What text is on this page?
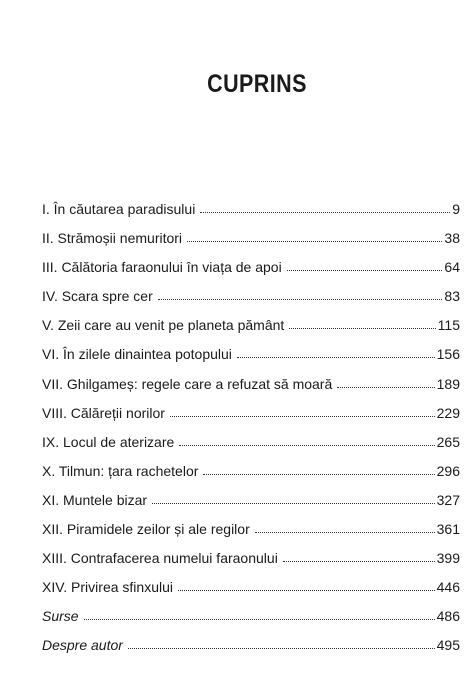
CUPRINS
I. În căutarea paradisului	9
II. Strămoșii nemuritori	38
III. Călătoria faraonului în viața de apoi	64
IV. Scara spre cer	83
V. Zeii care au venit pe planeta pământ	115
VI. În zilele dinaintea potopului	156
VII. Ghilgameș: regele care a refuzat să moară	189
VIII. Călăreții norilor	229
IX. Locul de aterizare	265
X. Tilmun: țara rachetelor	296
XI. Muntele bizar	327
XII. Piramidele zeilor și ale regilor	361
XIII. Contrafacerea numelui faraonului	399
XIV. Privirea sfinxului	446
Surse	486
Despre autor	495
